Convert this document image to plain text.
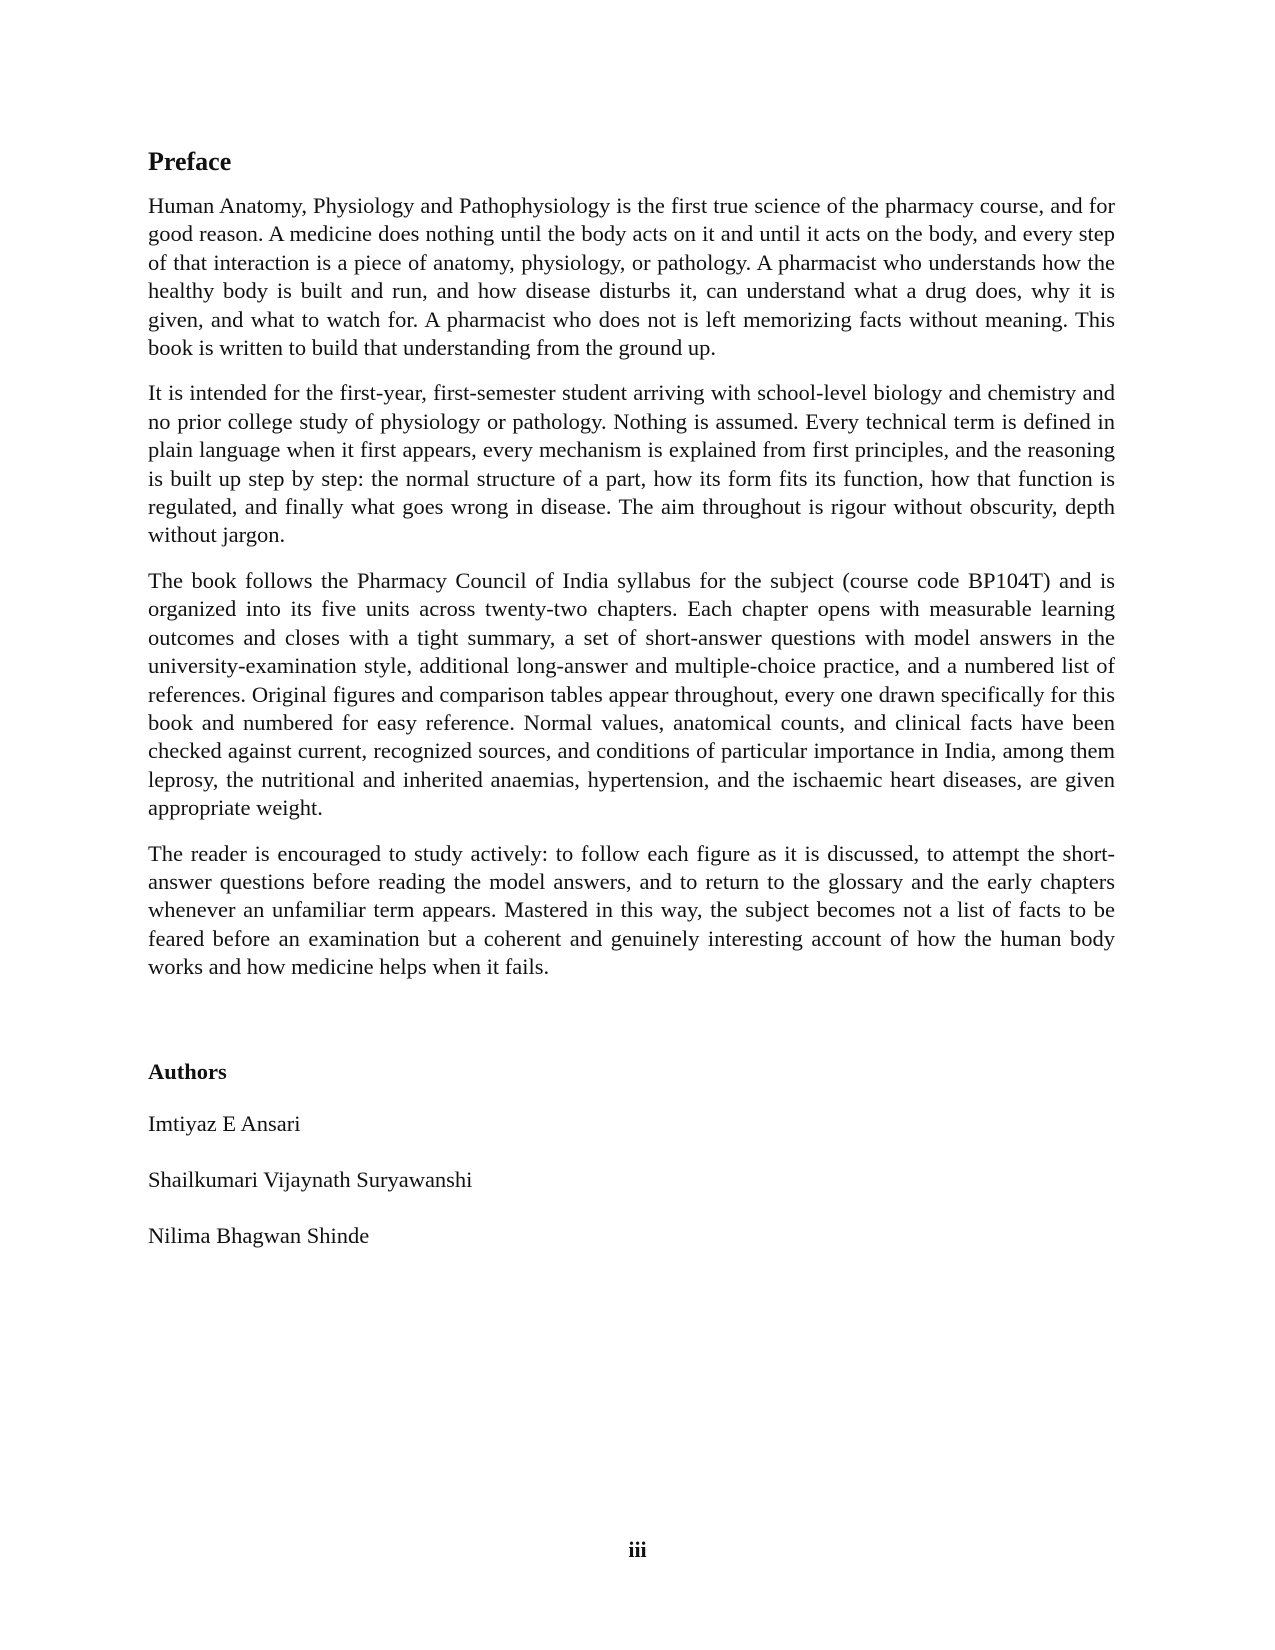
Preface

Human Anatomy, Physiology and Pathophysiology is the first true science of the pharmacy course, and for good reason. A medicine does nothing until the body acts on it and until it acts on the body, and every step of that interaction is a piece of anatomy, physiology, or pathology. A pharmacist who understands how the healthy body is built and run, and how disease disturbs it, can understand what a drug does, why it is given, and what to watch for. A pharmacist who does not is left memorizing facts without meaning. This book is written to build that understanding from the ground up.

It is intended for the first-year, first-semester student arriving with school-level biology and chemistry and no prior college study of physiology or pathology. Nothing is assumed. Every technical term is defined in plain language when it first appears, every mechanism is explained from first principles, and the reasoning is built up step by step: the normal structure of a part, how its form fits its function, how that function is regulated, and finally what goes wrong in disease. The aim throughout is rigour without obscurity, depth without jargon.

The book follows the Pharmacy Council of India syllabus for the subject (course code BP104T) and is organized into its five units across twenty-two chapters. Each chapter opens with measurable learning outcomes and closes with a tight summary, a set of short-answer questions with model answers in the university-examination style, additional long-answer and multiple-choice practice, and a numbered list of references. Original figures and comparison tables appear throughout, every one drawn specifically for this book and numbered for easy reference. Normal values, anatomical counts, and clinical facts have been checked against current, recognized sources, and conditions of particular importance in India, among them leprosy, the nutritional and inherited anaemias, hypertension, and the ischaemic heart diseases, are given appropriate weight.

The reader is encouraged to study actively: to follow each figure as it is discussed, to attempt the short-answer questions before reading the model answers, and to return to the glossary and the early chapters whenever an unfamiliar term appears. Mastered in this way, the subject becomes not a list of facts to be feared before an examination but a coherent and genuinely interesting account of how the human body works and how medicine helps when it fails.

Authors
Imtiyaz E Ansari
Shailkumari Vijaynath Suryawanshi
Nilima Bhagwan Shinde
iii
